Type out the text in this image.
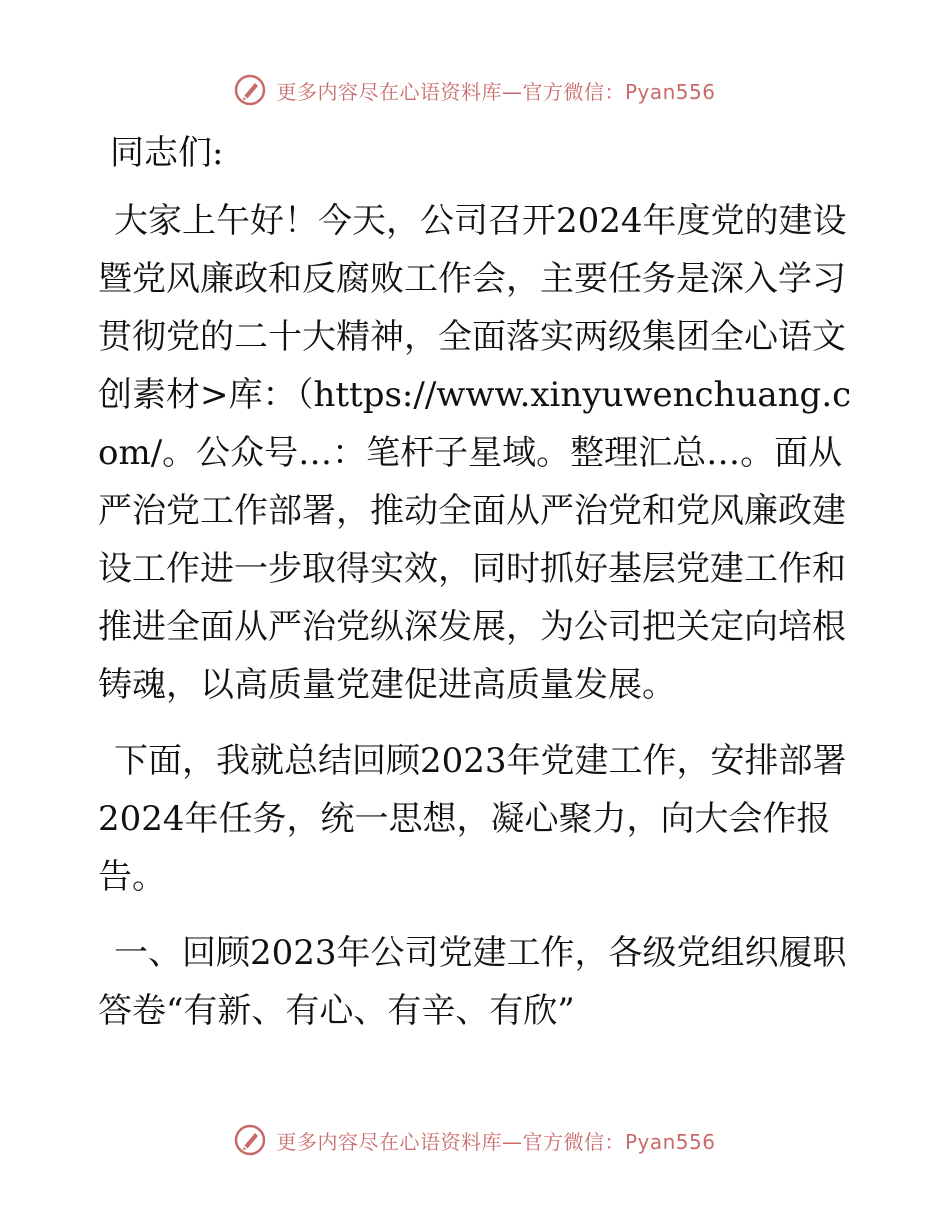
更多内容尽在心语资料库—官方微信：Pyan556

同志们:

大家上午好！今天，公司召开2024年度党的建设暨党风廉政和反腐败工作会，主要任务是深入学习贯彻党的二十大精神，全面落实两级集团全心语文创素材>库：（https://www.xinyuwenchuang.com/。公众号…：笔杆子星域。整理汇总…。面从严治党工作部署，推动全面从严治党和党风廉政建设工作进一步取得实效，同时抓好基层党建工作和推进全面从严治党纵深发展，为公司把关定向培根铸魂，以高质量党建促进高质量发展。

下面，我就总结回顾2023年党建工作，安排部署2024年任务，统一思想，凝心聚力，向大会作报告。

一、回顾2023年公司党建工作，各级党组织履职答卷“有新、有心、有辛、有欣”

更多内容尽在心语资料库—官方微信：Pyan556
